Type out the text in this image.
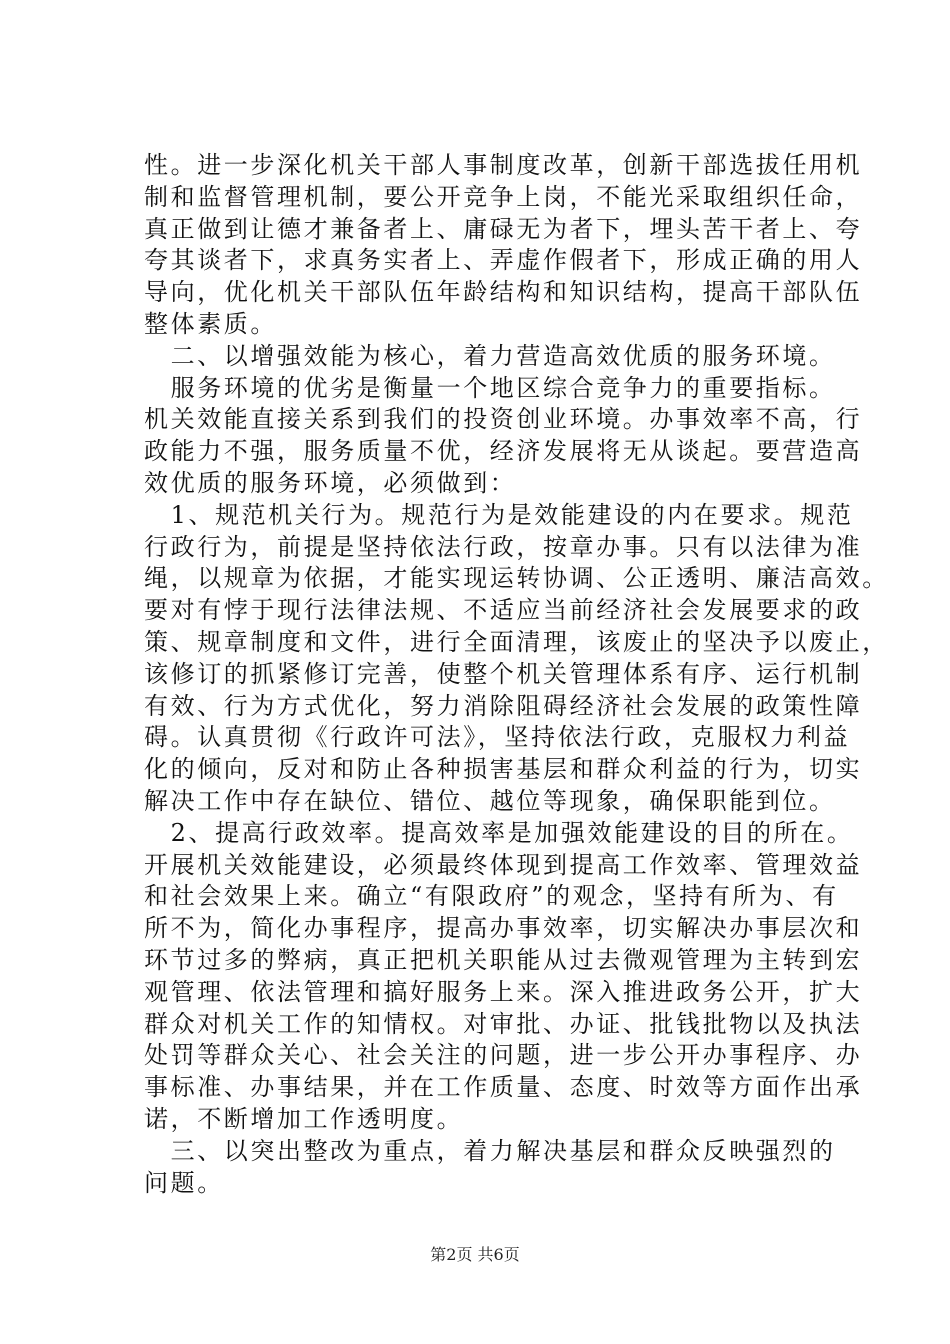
性。进一步深化机关干部人事制度改革，创新干部选拔任用机
制和监督管理机制，要公开竞争上岗，不能光采取组织任命，
真正做到让德才兼备者上、庸碌无为者下，埋头苦干者上、夸
夸其谈者下，求真务实者上、弄虚作假者下，形成正确的用人
导向，优化机关干部队伍年龄结构和知识结构，提高干部队伍
整体素质。
　二、以增强效能为核心，着力营造高效优质的服务环境。
　服务环境的优劣是衡量一个地区综合竞争力的重要指标。
机关效能直接关系到我们的投资创业环境。办事效率不高，行
政能力不强，服务质量不优，经济发展将无从谈起。要营造高
效优质的服务环境，必须做到：
　1、规范机关行为。规范行为是效能建设的内在要求。规范
行政行为，前提是坚持依法行政，按章办事。只有以法律为准
绳，以规章为依据，才能实现运转协调、公正透明、廉洁高效。
要对有悖于现行法律法规、不适应当前经济社会发展要求的政
策、规章制度和文件，进行全面清理，该废止的坚决予以废止，
该修订的抓紧修订完善，使整个机关管理体系有序、运行机制
有效、行为方式优化，努力消除阻碍经济社会发展的政策性障
碍。认真贯彻《行政许可法》，坚持依法行政，克服权力利益
化的倾向，反对和防止各种损害基层和群众利益的行为，切实
解决工作中存在缺位、错位、越位等现象，确保职能到位。
　2、提高行政效率。提高效率是加强效能建设的目的所在。
开展机关效能建设，必须最终体现到提高工作效率、管理效益
和社会效果上来。确立“有限政府”的观念，坚持有所为、有
所不为，简化办事程序，提高办事效率，切实解决办事层次和
环节过多的弊病，真正把机关职能从过去微观管理为主转到宏
观管理、依法管理和搞好服务上来。深入推进政务公开，扩大
群众对机关工作的知情权。对审批、办证、批钱批物以及执法
处罚等群众关心、社会关注的问题，进一步公开办事程序、办
事标准、办事结果，并在工作质量、态度、时效等方面作出承
诺，不断增加工作透明度。
　三、以突出整改为重点，着力解决基层和群众反映强烈的
问题。
第2页 共6页
